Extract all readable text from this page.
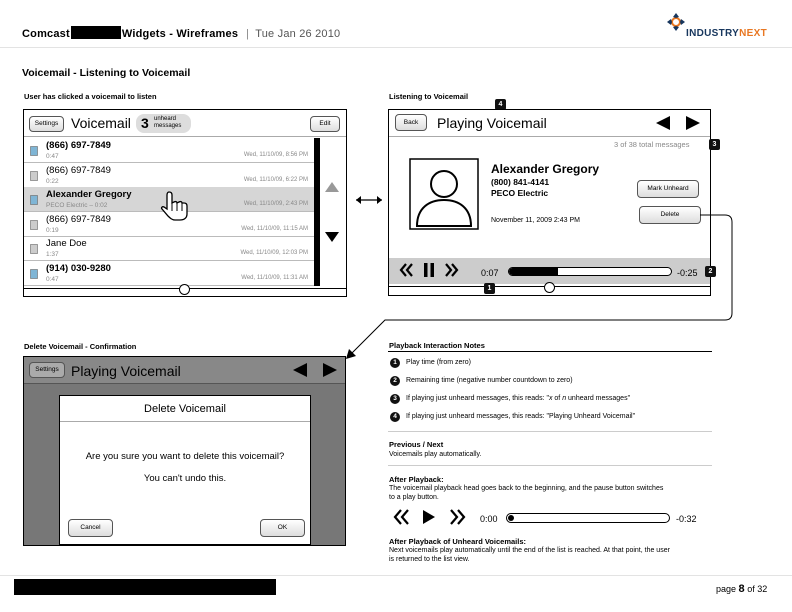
Comcast	Widgets - Wireframes | Tue Jan 26 2010	INDUSTRYNEXT
Voicemail - Listening to Voicemail
User has clicked a voicemail to listen
Settings Voicemail 3 unheard
messages	Edit
(866) 697-7849
0:47	Wed, 11/10/09, 8:56 PM
(866) 697-7849
0:22	Wed, 11/10/09, 6:22 PM
Alexander Gregory
PECO Electric – 0:02	Wed, 11/10/09, 2:43 PM
(866) 697-7849
0:19	Wed, 11/10/09, 11:15 AM
Jane Doe
1:37	Wed, 11/10/09, 12:03 PM
(914) 030-9280
0:47	Wed, 11/10/09, 11:31 AM
Listening to Voicemail
4
Back	Playing Voicemail
3 of 38 total messages
Alexander Gregory
(800) 841-4141
PECO Electric
November 11, 2009 2:43 PM
Mark Unheard
Delete
0:07	-0:25
3
2
1
Delete Voicemail - Confirmation
Settings Playing Voicemail
Delete Voicemail
Are you sure you want to delete this voicemail?
You can't undo this.
Cancel	OK
Playback Interaction Notes
1	Play time (from zero)
2	Remaining time (negative number countdown to zero)
3	If playing just unheard messages, this reads: "x of n unheard messages"
4	If playing just unheard messages, this reads: "Playing Unheard Voicemail"
Previous / Next
Voicemails play automatically.
After Playback:
The voicemail playback head goes back to the beginning, and the pause button switches
to a play button.
0:00	-0:32
After Playback of Unheard Voicemails:
Next voicemails play automatically until the end of the list is reached. At that point, the user
is returned to the list view.
page 8 of 32
